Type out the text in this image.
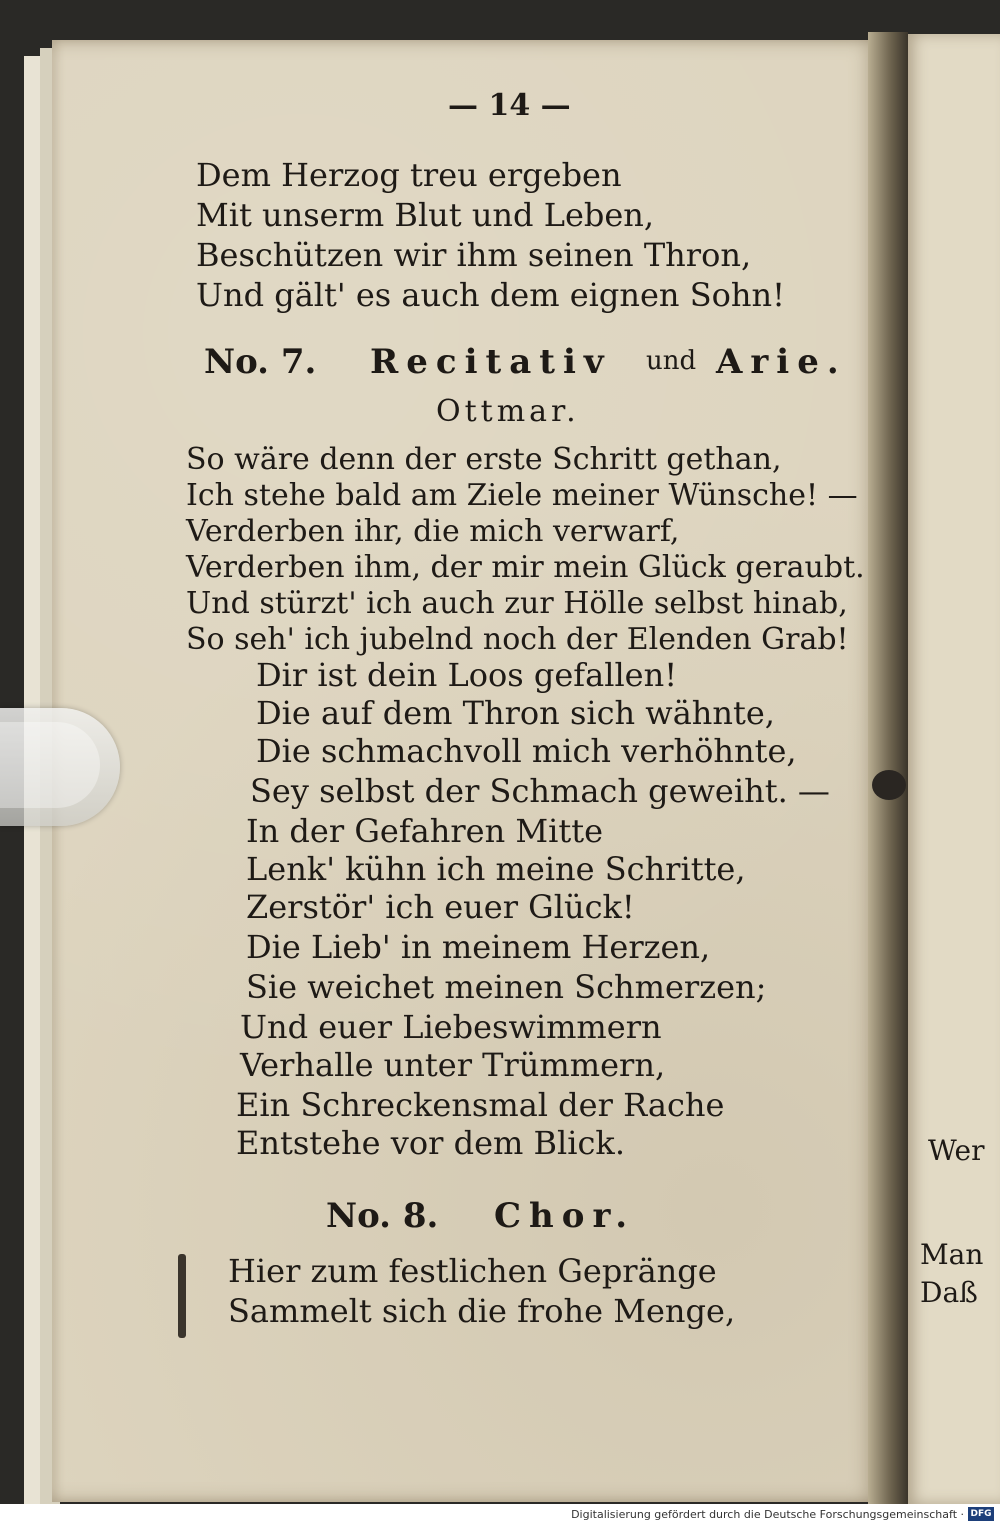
— 14 —
Dem Herzog treu ergeben
Mit unserm Blut und Leben,
Beschützen wir ihm seinen Thron,
Und gält' es auch dem eignen Sohn!
No. 7. Recitativ und Arie.
Ottmar.
So wäre denn der erste Schritt gethan,
Ich stehe bald am Ziele meiner Wünsche! —
Verderben ihr, die mich verwarf,
Verderben ihm, der mir mein Glück geraubt.
Und stürzt' ich auch zur Hölle selbst hinab,
So seh' ich jubelnd noch der Elenden Grab!
Dir ist dein Loos gefallen!
Die auf dem Thron sich wähnte,
Die schmachvoll mich verhöhnte,
Sey selbst der Schmach geweiht. —
In der Gefahren Mitte
Lenk' kühn ich meine Schritte,
Zerstör' ich euer Glück!
Die Lieb' in meinem Herzen,
Sie weichet meinen Schmerzen;
Und euer Liebeswimmern
Verhalle unter Trümmern,
Ein Schreckensmal der Rache
Entstehe vor dem Blick.
No. 8. Chor.
Hier zum festlichen Gepränge
Sammelt sich die frohe Menge,
Wer
Man
Daß
Digitalisierung gefördert durch die Deutsche Forschungsgemeinschaft · DFG
